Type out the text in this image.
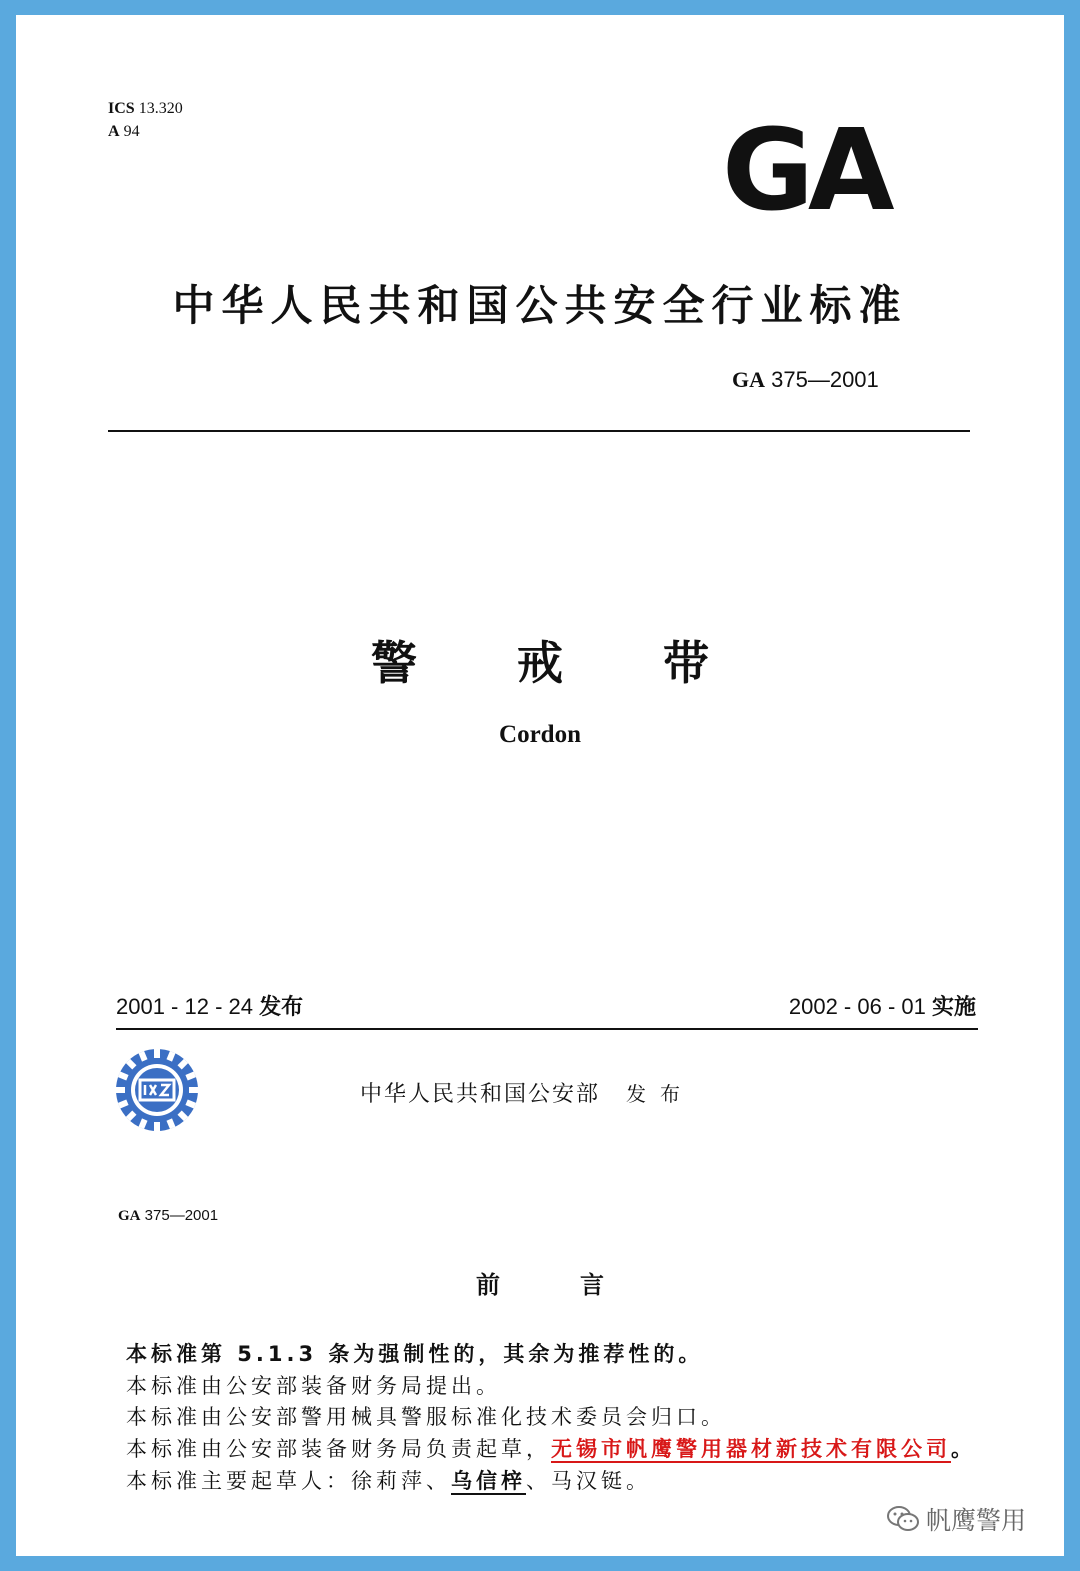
ICS 13.320
A 94	GA
中华人民共和国公共安全行业标准
GA 375—2001
警戒带
Cordon
2001 - 12 - 24 发布	2002 - 06 - 01 实施
中华人民共和国公安部 发布
GA 375—2001
前言
本标准第 5.1.3 条为强制性的，其余为推荐性的。
本标准由公安部装备财务局提出。
本标准由公安部警用械具警服标准化技术委员会归口。
本标准由公安部装备财务局负责起草，无锡市帆鹰警用器材新技术有限公司。
本标准主要起草人：徐莉萍、乌信梓、马汉铤。
帆鹰警用
